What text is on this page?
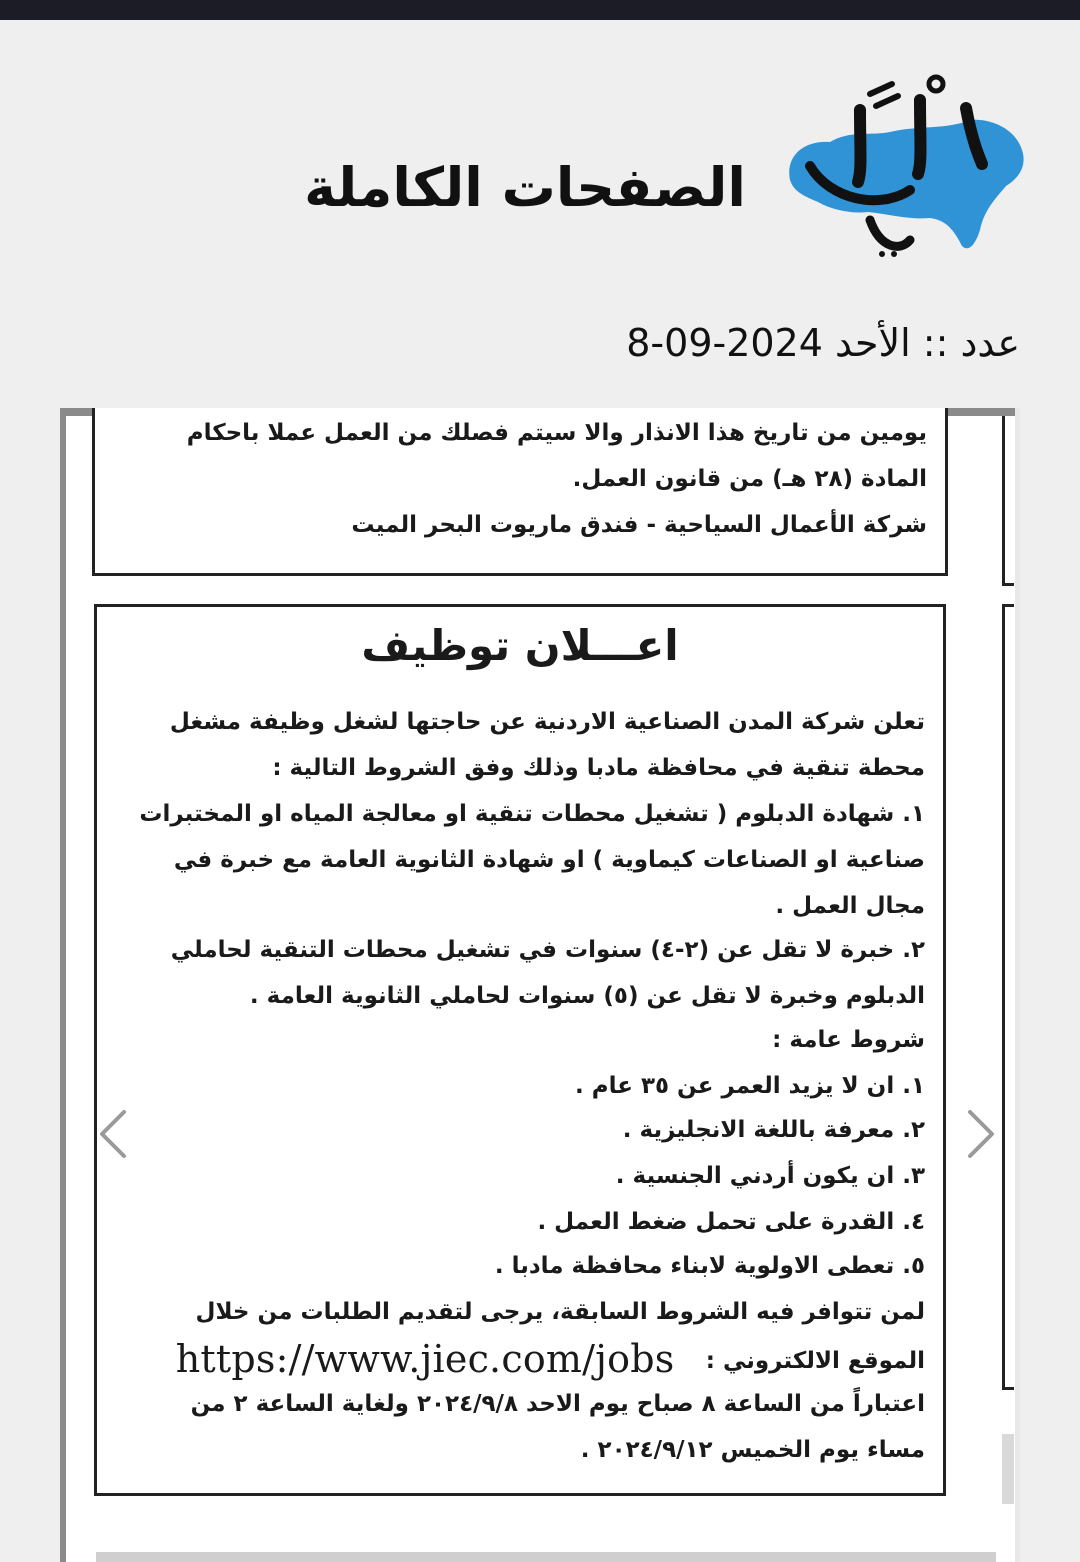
الصفحات الكاملة
عدد :: الأحد 8-09-2024
يومين من تاريخ هذا الانذار والا سيتم فصلك من العمل عملا باحكام
المادة (٢٨ هـ) من قانون العمل.
شركة الأعمال السياحية - فندق ماريوت البحر الميت
اعـــلان توظيف
تعلن شركة المدن الصناعية الاردنية عن حاجتها لشغل وظيفة مشغل
محطة تنقية في محافظة مادبا وذلك وفق الشروط التالية :
١. شهادة الدبلوم ( تشغيل محطات تنقية او معالجة المياه او المختبرات
صناعية او الصناعات كيماوية ) او شهادة الثانوية العامة مع خبرة في
مجال العمل .
٢. خبرة لا تقل عن (٢-٤) سنوات في تشغيل محطات التنقية لحاملي
الدبلوم وخبرة لا تقل عن (٥) سنوات لحاملي الثانوية العامة .
شروط عامة :
١. ان لا يزيد العمر عن ٣٥ عام .
٢. معرفة باللغة الانجليزية .
٣. ان يكون أردني الجنسية .
٤. القدرة على تحمل ضغط العمل .
٥. تعطى الاولوية لابناء محافظة مادبا .
لمن تتوافر فيه الشروط السابقة، يرجى لتقديم الطلبات من خلال
الموقع الالكتروني : https://www.jiec.com/jobs
اعتباراً من الساعة ٨ صباح يوم الاحد ٢٠٢٤/٩/٨ ولغاية الساعة ٢ من
مساء يوم الخميس ٢٠٢٤/٩/١٢ .
